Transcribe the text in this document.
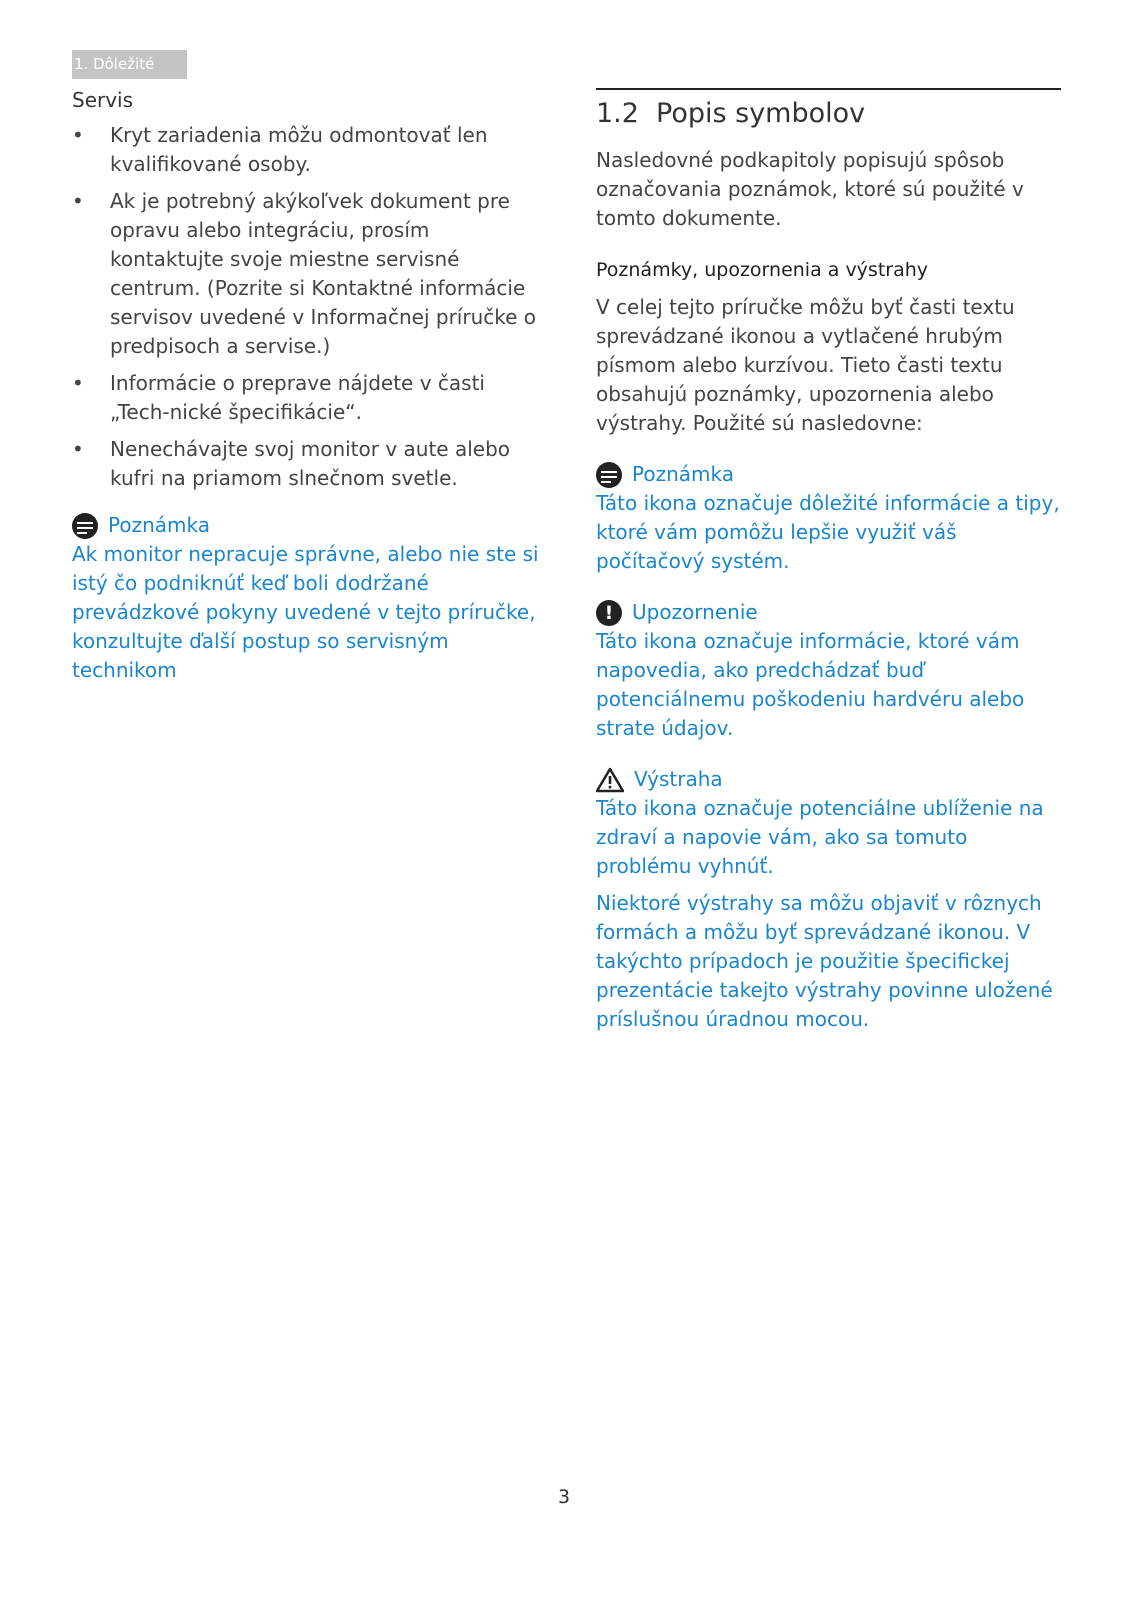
1. Dôležité
Servis
•	Kryt zariadenia môžu odmontovať len kvalifikované osoby.
•	Ak je potrebný akýkoľvek dokument pre opravu alebo integráciu, prosím kontaktujte svoje miestne servisné centrum. (Pozrite si Kontaktné informácie servisov uvedené v Informačnej príručke o predpisoch a servise.)
•	Informácie o preprave nájdete v časti „Tech-nické špecifikácie“.
•	Nenechávajte svoj monitor v aute alebo kufri na priamom slnečnom svetle.
Poznámka
Ak monitor nepracuje správne, alebo nie ste si istý čo podniknúť keď boli dodržané prevádzkové pokyny uvedené v tejto príručke, konzultujte ďalší postup so servisným technikom
1.2 Popis symbolov

Nasledovné podkapitoly popisujú spôsob označovania poznámok, ktoré sú použité v tomto dokumente.

Poznámky, upozornenia a výstrahy

V celej tejto príručke môžu byť časti textu sprevádzané ikonou a vytlačené hrubým písmom alebo kurzívou. Tieto časti textu obsahujú poznámky, upozornenia alebo výstrahy. Použité sú nasledovne:

Poznámka

Táto ikona označuje dôležité informácie a tipy, ktoré vám pomôžu lepšie využiť váš počítačový systém.

! Upozornenie

Táto ikona označuje informácie, ktoré vám napovedia, ako predchádzať buď potenciálnemu poškodeniu hardvéru alebo strate údajov.

Výstraha

Táto ikona označuje potenciálne ublíženie na zdraví a napovie vám, ako sa tomuto problému vyhnúť.

Niektoré výstrahy sa môžu objaviť v rôznych formách a môžu byť sprevádzané ikonou. V takýchto prípadoch je použitie špecifickej prezentácie takejto výstrahy povinne uložené príslušnou úradnou mocou.

3
